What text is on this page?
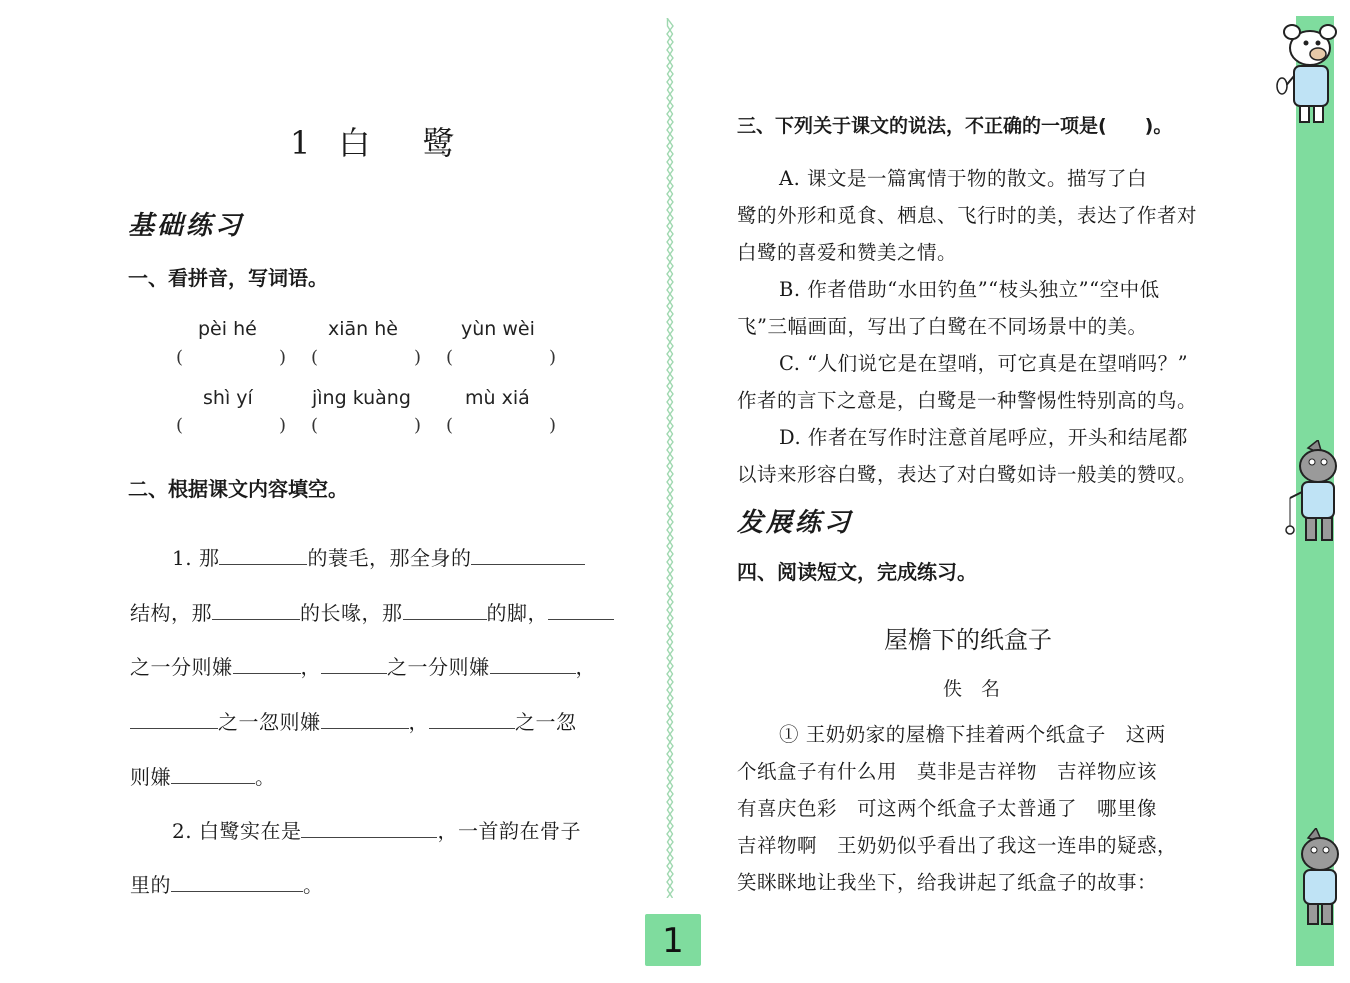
1 白　鹭
基础练习
一、看拼音，写词语。
pèi hé	xiān hè	yùn wèi
(	) (	) (	)
shì yí	jìng kuàng	mù xiá
(	) (	) (	)
二、根据课文内容填空。
1. 那	的蓑毛，那全身的
结构，那	的长喙，那	的脚，
之一分则嫌	，	之一分则嫌	，
之一忽则嫌	，	之一忽
则嫌	。
2. 白鹭实在是	，一首韵在骨子
里的	。
三、下列关于课文的说法，不正确的一项是(　　)。
A. 课文是一篇寓情于物的散文。描写了白
鹭的外形和觅食、栖息、飞行时的美，表达了作者对
白鹭的喜爱和赞美之情。
B. 作者借助“水田钓鱼”“枝头独立”“空中低
飞”三幅画面，写出了白鹭在不同场景中的美。
C. “人们说它是在望哨，可它真是在望哨吗？”
作者的言下之意是，白鹭是一种警惕性特别高的鸟。
D. 作者在写作时注意首尾呼应，开头和结尾都
以诗来形容白鹭，表达了对白鹭如诗一般美的赞叹。
发展练习
四、阅读短文，完成练习。
屋檐下的纸盒子
佚　名
① 王奶奶家的屋檐下挂着两个纸盒子　这两
个纸盒子有什么用　莫非是吉祥物　吉祥物应该
有喜庆色彩　可这两个纸盒子太普通了　哪里像
吉祥物啊　王奶奶似乎看出了我这一连串的疑惑，
笑眯眯地让我坐下，给我讲起了纸盒子的故事：
1
